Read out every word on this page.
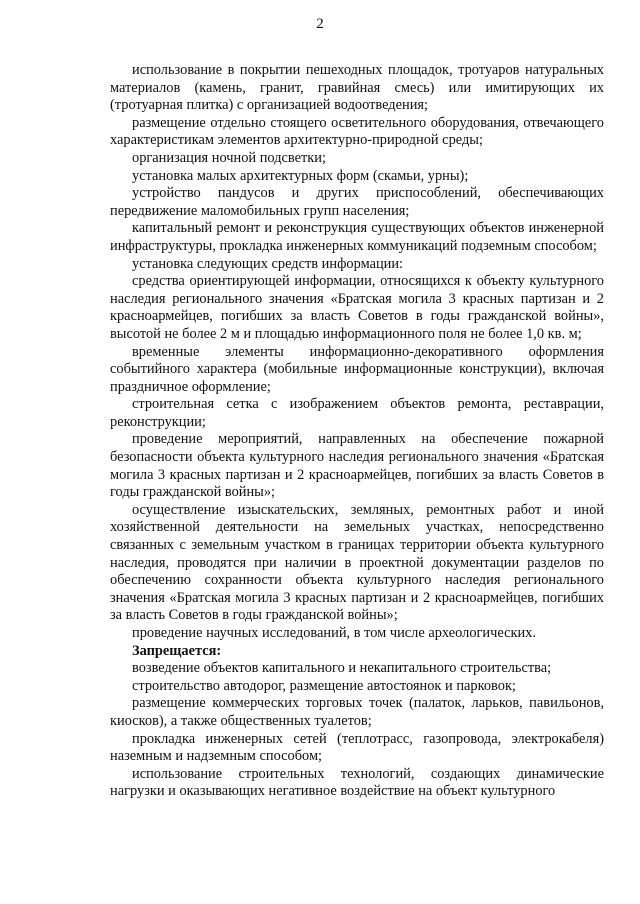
2

использование в покрытии пешеходных площадок, тротуаров натуральных материалов (камень, гранит, гравийная смесь) или имитирующих их (тротуарная плитка) с организацией водоотведения;

размещение отдельно стоящего осветительного оборудования, отвечающего характеристикам элементов архитектурно-природной среды;

организация ночной подсветки;

установка малых архитектурных форм (скамьи, урны);

устройство пандусов и других приспособлений, обеспечивающих передвижение маломобильных групп населения;

капитальный ремонт и реконструкция существующих объектов инженерной инфраструктуры, прокладка инженерных коммуникаций подземным способом;

установка следующих средств информации:

средства ориентирующей информации, относящихся к объекту культурного наследия регионального значения «Братская могила 3 красных партизан и 2 красноармейцев, погибших за власть Советов в годы гражданской войны», высотой не более 2 м и площадью информационного поля не более 1,0 кв. м;

временные элементы информационно-декоративного оформления событийного характера (мобильные информационные конструкции), включая праздничное оформление;

строительная сетка с изображением объектов ремонта, реставрации, реконструкции;

проведение мероприятий, направленных на обеспечение пожарной безопасности объекта культурного наследия регионального значения «Братская могила 3 красных партизан и 2 красноармейцев, погибших за власть Советов в годы гражданской войны»;

осуществление изыскательских, земляных, ремонтных работ и иной хозяйственной деятельности на земельных участках, непосредственно связанных с земельным участком в границах территории объекта культурного наследия, проводятся при наличии в проектной документации разделов по обеспечению сохранности объекта культурного наследия регионального значения «Братская могила 3 красных партизан и 2 красноармейцев, погибших за власть Советов в годы гражданской войны»;

проведение научных исследований, в том числе археологических.

Запрещается:

возведение объектов капитального и некапитального строительства;

строительство автодорог, размещение автостоянок и парковок;

размещение коммерческих торговых точек (палаток, ларьков, павильонов, киосков), а также общественных туалетов;

прокладка инженерных сетей (теплотрасс, газопровода, электрокабеля) наземным и надземным способом;

использование строительных технологий, создающих динамические нагрузки и оказывающих негативное воздействие на объект культурного
